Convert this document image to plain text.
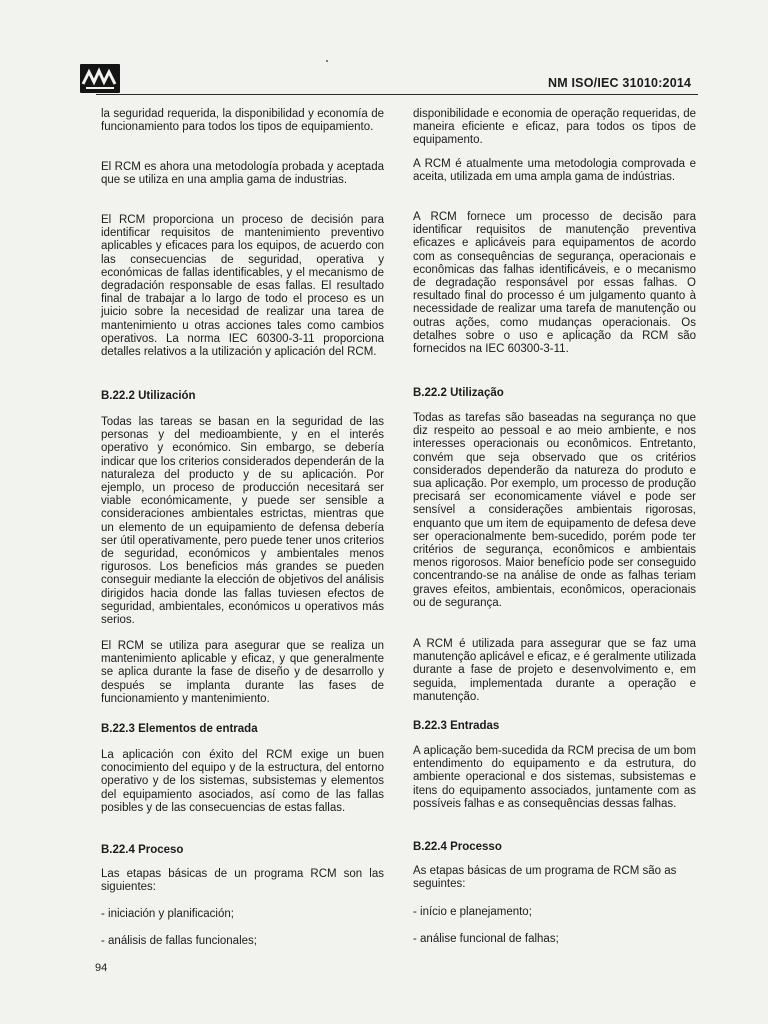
NM ISO/IEC 31010:2014

la seguridad requerida, la disponibilidad y economía de funcionamiento para todos los tipos de equipamiento.

El RCM es ahora una metodología probada y aceptada que se utiliza en una amplia gama de industrias.

El RCM proporciona un proceso de decisión para identificar requisitos de mantenimiento preventivo aplicables y eficaces para los equipos, de acuerdo con las consecuencias de seguridad, operativa y económicas de fallas identificables, y el mecanismo de degradación responsable de esas fallas. El resultado final de trabajar a lo largo de todo el proceso es un juicio sobre la necesidad de realizar una tarea de mantenimiento u otras acciones tales como cambios operativos. La norma IEC 60300-3-11 proporciona detalles relativos a la utilización y aplicación del RCM.

B.22.2 Utilización

Todas las tareas se basan en la seguridad de las personas y del medioambiente, y en el interés operativo y económico. Sin embargo, se debería indicar que los criterios considerados dependerán de la naturaleza del producto y de su aplicación. Por ejemplo, un proceso de producción necesitará ser viable económicamente, y puede ser sensible a consideraciones ambientales estrictas, mientras que un elemento de un equipamiento de defensa debería ser útil operativamente, pero puede tener unos criterios de seguridad, económicos y ambientales menos rigurosos. Los beneficios más grandes se pueden conseguir mediante la elección de objetivos del análisis dirigidos hacia donde las fallas tuviesen efectos de seguridad, ambientales, económicos u operativos más serios.

El RCM se utiliza para asegurar que se realiza un mantenimiento aplicable y eficaz, y que generalmente se aplica durante la fase de diseño y de desarrollo y después se implanta durante las fases de funcionamiento y mantenimiento.

B.22.3 Elementos de entrada

La aplicación con éxito del RCM exige un buen conocimiento del equipo y de la estructura, del entorno operativo y de los sistemas, subsistemas y elementos del equipamiento asociados, así como de las fallas posibles y de las consecuencias de estas fallas.

B.22.4 Proceso

Las etapas básicas de un programa RCM son las siguientes:

- iniciación y planificación;

- análisis de fallas funcionales;

disponibilidade e economia de operação requeridas, de maneira eficiente e eficaz, para todos os tipos de equipamento.

A RCM é atualmente uma metodologia comprovada e aceita, utilizada em uma ampla gama de indústrias.

A RCM fornece um processo de decisão para identificar requisitos de manutenção preventiva eficazes e aplicáveis para equipamentos de acordo com as consequências de segurança, operacionais e econômicas das falhas identificáveis, e o mecanismo de degradação responsável por essas falhas. O resultado final do processo é um julgamento quanto à necessidade de realizar uma tarefa de manutenção ou outras ações, como mudanças operacionais. Os detalhes sobre o uso e aplicação da RCM são fornecidos na IEC 60300-3-11.

B.22.2 Utilização

Todas as tarefas são baseadas na segurança no que diz respeito ao pessoal e ao meio ambiente, e nos interesses operacionais ou econômicos. Entretanto, convém que seja observado que os critérios considerados dependerão da natureza do produto e sua aplicação. Por exemplo, um processo de produção precisará ser economicamente viável e pode ser sensível a considerações ambientais rigorosas, enquanto que um item de equipamento de defesa deve ser operacionalmente bem-sucedido, porém pode ter critérios de segurança, econômicos e ambientais menos rigorosos. Maior benefício pode ser conseguido concentrando-se na análise de onde as falhas teriam graves efeitos, ambientais, econômicos, operacionais ou de segurança.

A RCM é utilizada para assegurar que se faz uma manutenção aplicável e eficaz, e é geralmente utilizada durante a fase de projeto e desenvolvimento e, em seguida, implementada durante a operação e manutenção.

B.22.3 Entradas

A aplicação bem-sucedida da RCM precisa de um bom entendimento do equipamento e da estrutura, do ambiente operacional e dos sistemas, subsistemas e itens do equipamento associados, juntamente com as possíveis falhas e as consequências dessas falhas.

B.22.4 Processo

As etapas básicas de um programa de RCM são as seguintes:

- início e planejamento;

- análise funcional de falhas;

94
